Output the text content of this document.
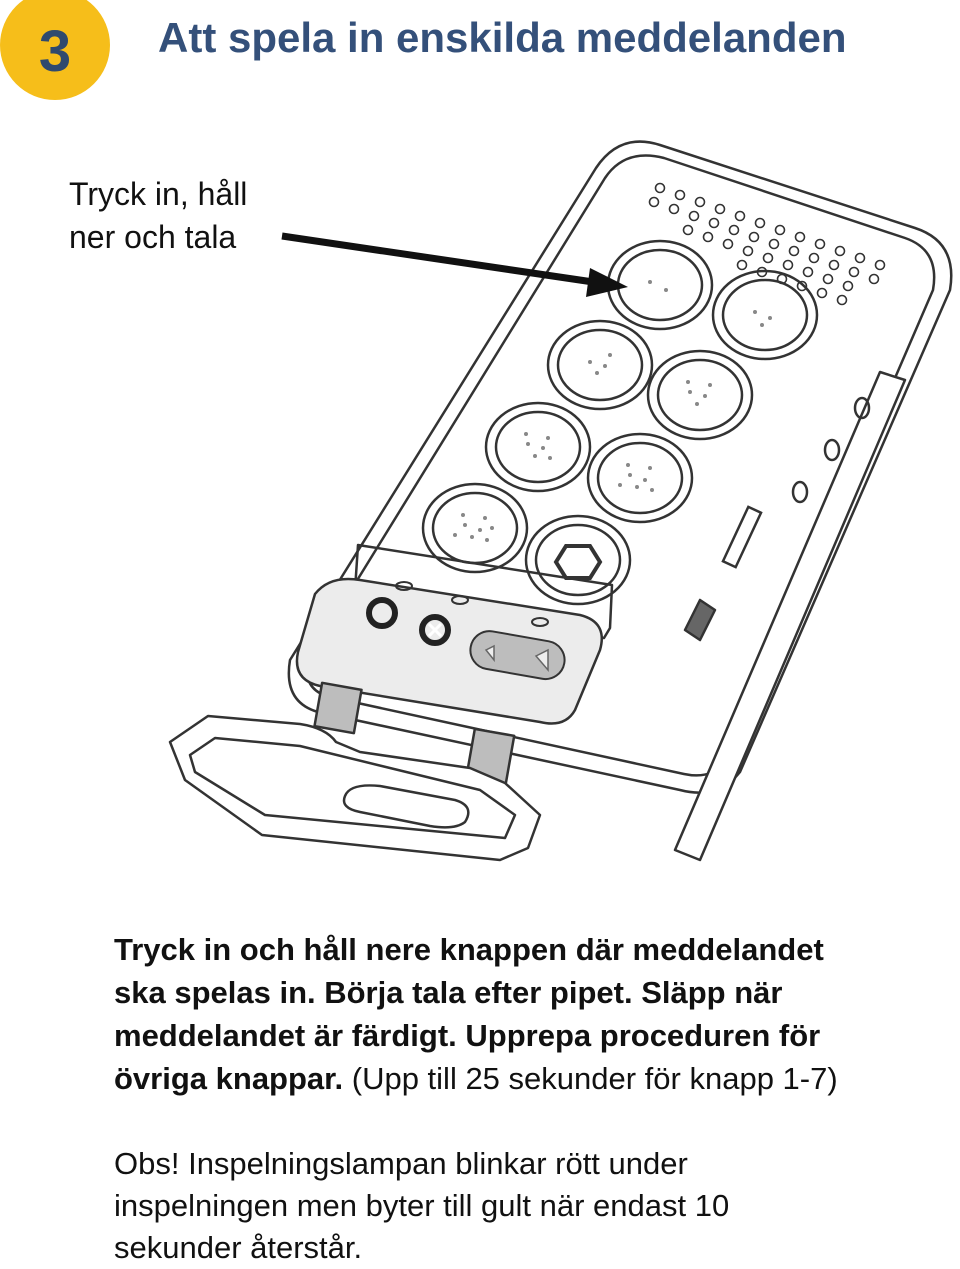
3	Att spela in enskilda meddelanden
Tryck in, håll
ner och tala
Tryck in och håll nere knappen där meddelandet
ska spelas in. Börja tala efter pipet. Släpp när
meddelandet är färdigt. Upprepa proceduren för
övriga knappar. (Upp till 25 sekunder för knapp 1-7)
Obs! Inspelningslampan blinkar rött under
inspelningen men byter till gult när endast 10
sekunder återstår.
